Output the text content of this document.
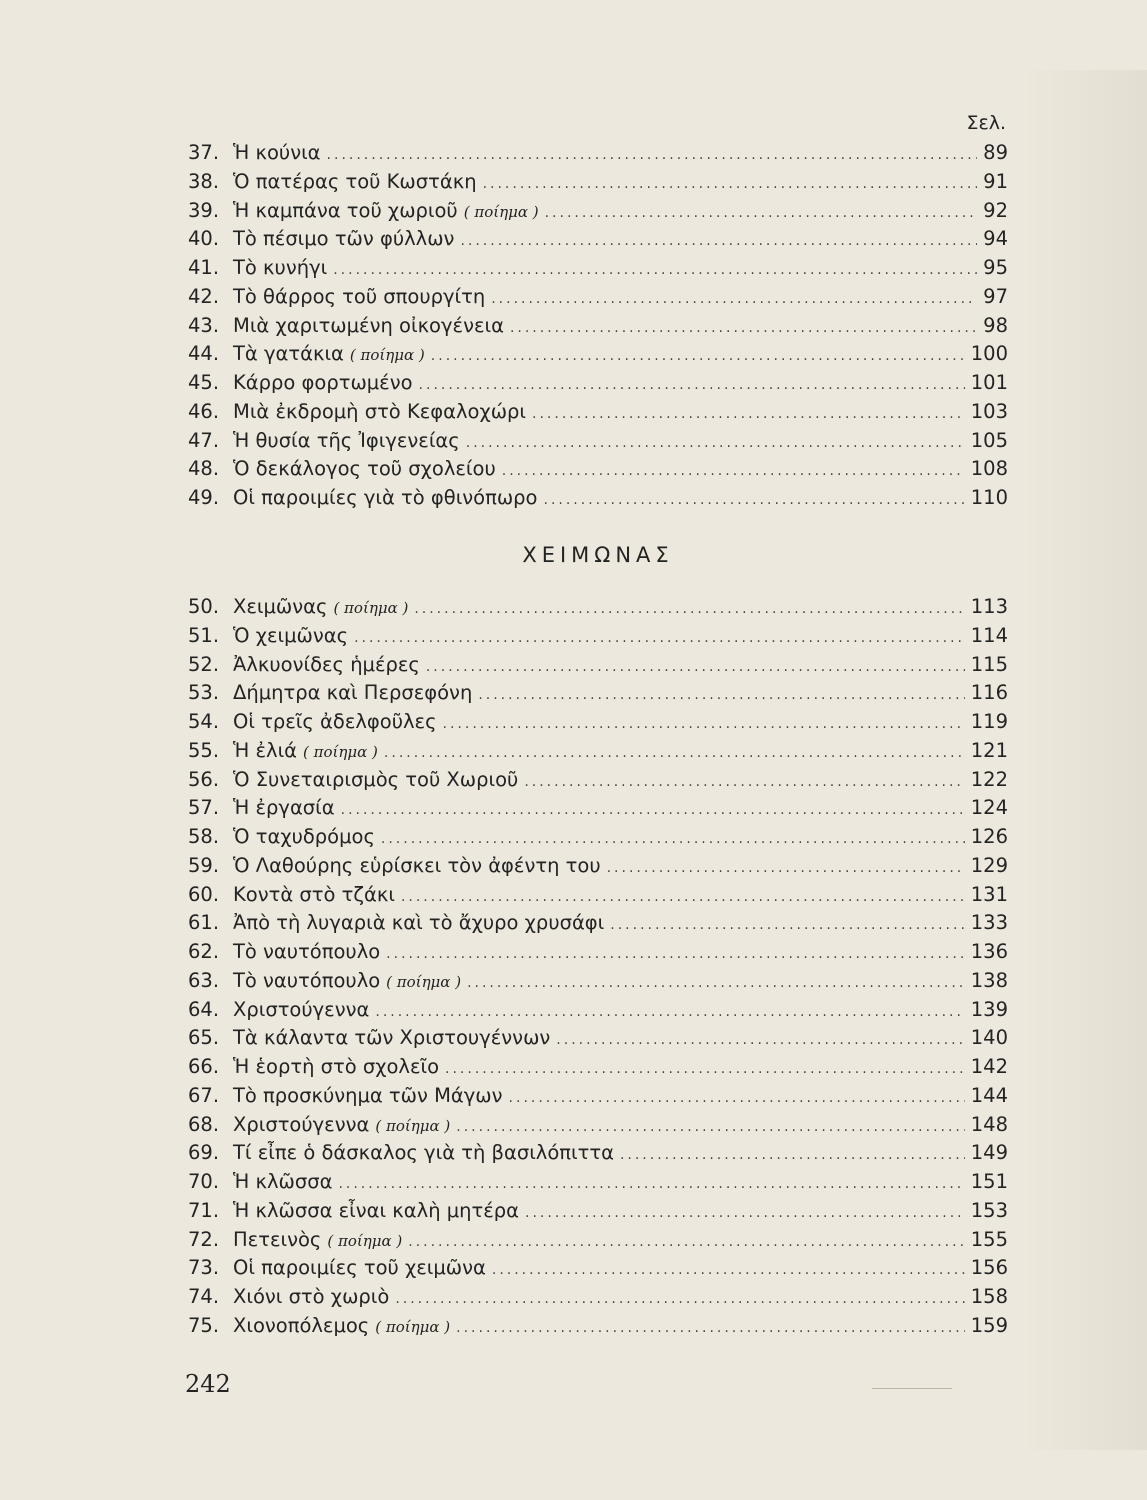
Σελ.
37. Ἡ κούνια .....	89
38. Ὁ πατέρας τοῦ Κωστάκη .....	91
39. Ἡ καμπάνα τοῦ χωριοῦ ( ποίημα ) .....	92
40. Τὸ πέσιμο τῶν φύλλων .....	94
41. Τὸ κυνήγι .....	95
42. Τὸ θάρρος τοῦ σπουργίτη .....	97
43. Μιὰ χαριτωμένη οἰκογένεια .....	98
44. Τὰ γατάκια ( ποίημα ) .....	100
45. Κάρρο φορτωμένο .....	101
46. Μιὰ ἐκδρομὴ στὸ Κεφαλοχώρι .....	103
47. Ἡ θυσία τῆς Ἰφιγενείας .....	105
48. Ὁ δεκάλογος τοῦ σχολείου .....	108
49. Οἱ παροιμίες γιὰ τὸ φθινόπωρο .....	110
ΧΕΙΜΩΝΑΣ
50. Χειμῶνας ( ποίημα ) .....	113
51. Ὁ χειμῶνας .....	114
52. Ἀλκυονίδες ἡμέρες .....	115
53. Δήμητρα καὶ Περσεφόνη .....	116
54. Οἱ τρεῖς ἀδελφοῦλες .....	119
55. Ἡ ἐλιά ( ποίημα ) .....	121
56. Ὁ Συνεταιρισμὸς τοῦ Χωριοῦ .....	122
57. Ἡ ἐργασία .....	124
58. Ὁ ταχυδρόμος .....	126
59. Ὁ Λαθούρης εὑρίσκει τὸν ἀφέντη του .....	129
60. Κοντὰ στὸ τζάκι .....	131
61. Ἀπὸ τὴ λυγαριὰ καὶ τὸ ἄχυρο χρυσάφι .....	133
62. Τὸ ναυτόπουλο .....	136
63. Τὸ ναυτόπουλο ( ποίημα ) .....	138
64. Χριστούγεννα .....	139
65. Τὰ κάλαντα τῶν Χριστουγέννων .....	140
66. Ἡ ἑορτὴ στὸ σχολεῖο .....	142
67. Τὸ προσκύνημα τῶν Μάγων .....	144
68. Χριστούγεννα ( ποίημα ) .....	148
69. Τί εἶπε ὁ δάσκαλος γιὰ τὴ βασιλόπιττα .....	149
70. Ἡ κλῶσσα .....	151
71. Ἡ κλῶσσα εἶναι καλὴ μητέρα .....	153
72. Πετεινὸς ( ποίημα ) .....	155
73. Οἱ παροιμίες τοῦ χειμῶνα .....	156
74. Χιόνι στὸ χωριὸ .....	158
75. Χιονοπόλεμος ( ποίημα ) .....	159
242
